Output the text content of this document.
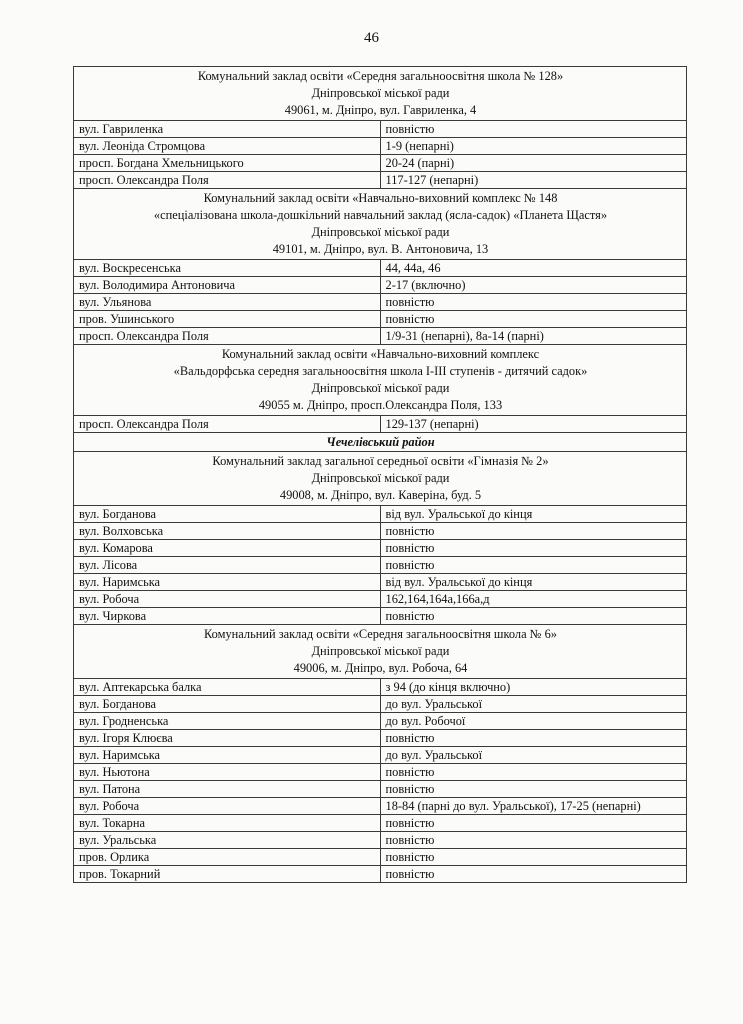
46
Комунальний заклад освіти «Середня загальноосвітня школа № 128»
Дніпровської міської ради
49061, м. Дніпро, вул. Гавриленка, 4	

вул. Гавриленка	повністю
вул. Леоніда Стромцова	1-9 (непарні)
просп. Богдана Хмельницького	20-24 (парні)
просп. Олександра Поля	117-127 (непарні)

Комунальний заклад освіти «Навчально-виховний комплекс № 148
«спеціалізована школа-дошкільний навчальний заклад (ясла-садок) «Планета Щастя»
Дніпровської міської ради
49101, м. Дніпро, вул. В. Антоновича, 13	

вул. Воскресенська	44, 44а, 46
вул. Володимира Антоновича	2-17 (включно)
вул. Ульянова	повністю
пров. Ушинського	повністю
просп. Олександра Поля	1/9-31 (непарні), 8а-14 (парні)

Комунальний заклад освіти «Навчально-виховний комплекс
«Вальдорфська середня загальноосвітня школа І-ІІІ ступенів - дитячий садок»
Дніпровської міської ради
49055 м. Дніпро, просп.Олександра Поля, 133	

просп. Олександра Поля	129-137 (непарні)
Чечелівський район	

Комунальний заклад загальної середньої освіти «Гімназія № 2»
Дніпровської міської ради
49008, м. Дніпро, вул. Каверіна, буд. 5	

вул. Богданова	від вул. Уральської до кінця
вул. Волховська	повністю
вул. Комарова	повністю
вул. Лісова	повністю
вул. Наримська	від вул. Уральської до кінця
вул. Робоча	162,164,164а,166а,д
вул. Чиркова	повністю

Комунальний заклад освіти «Середня загальноосвітня школа № 6»
Дніпровської міської ради
49006, м. Дніпро, вул. Робоча, 64	

вул. Аптекарська балка	з 94 (до кінця включно)
вул. Богданова	до вул. Уральської
вул. Гродненська	до вул. Робочої
вул. Ігоря Клюєва	повністю
вул. Наримська	до вул. Уральської
вул. Ньютона	повністю
вул. Патона	повністю
вул. Робоча	18-84 (парні до вул. Уральської), 17-25 (непарні)
вул. Токарна	повністю
вул. Уральська	повністю
пров. Орлика	повністю
пров. Токарний	повністю
